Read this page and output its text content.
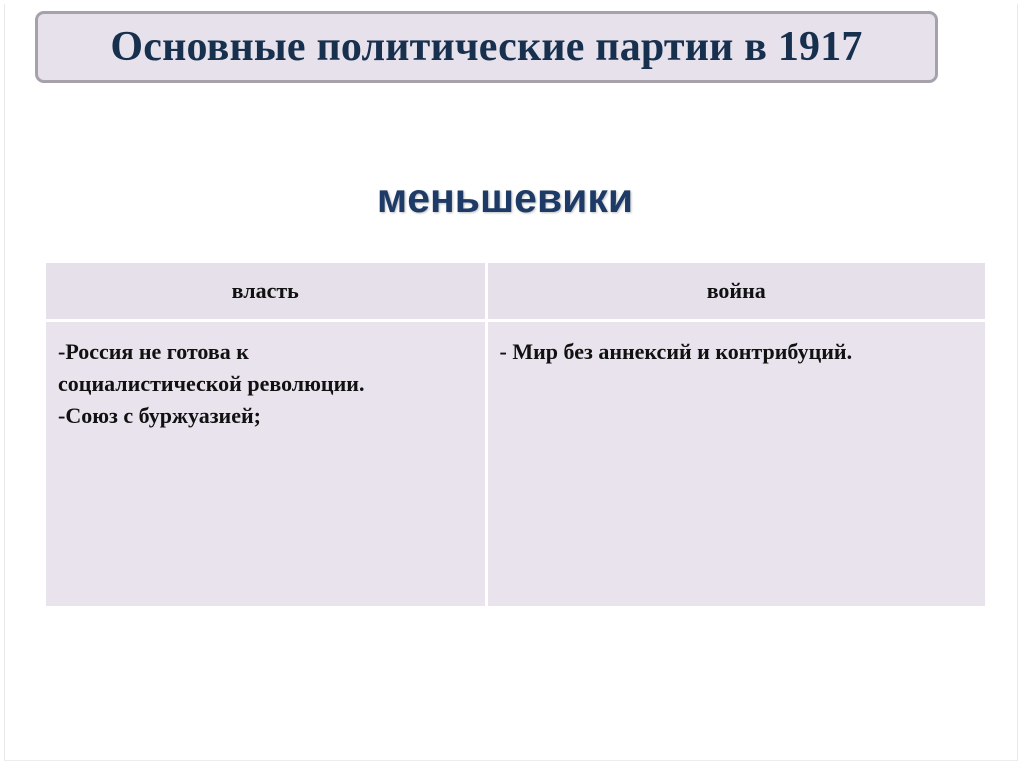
Основные политические партии в 1917
меньшевики
власть	война

-Россия не готова к
социалистической революции.
-Союз с буржуазией;	- Мир без аннексий и контрибуций.
